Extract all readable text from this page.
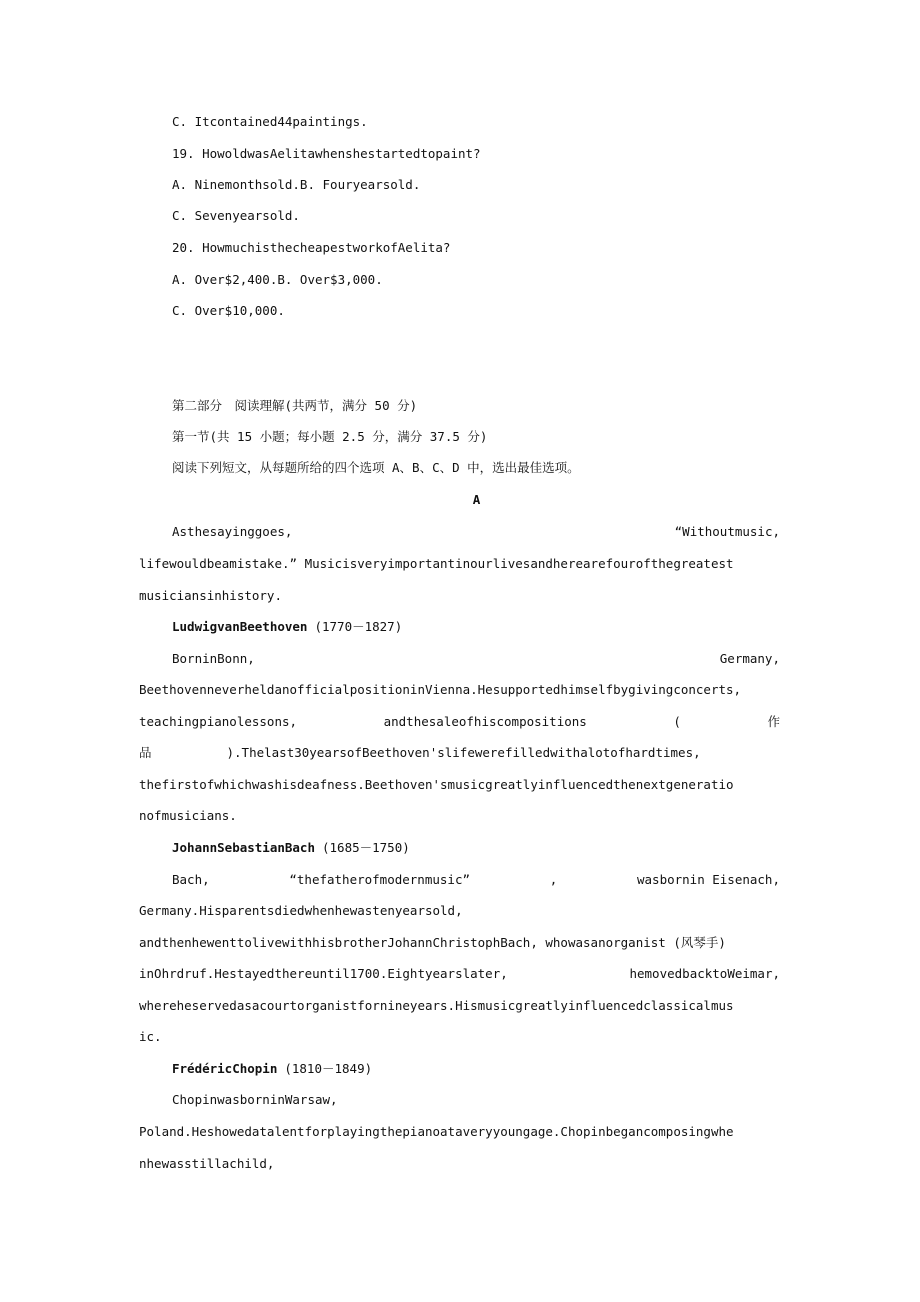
C. Itcontained44paintings.
19. HowoldwasAelitawhenshestartedtopaint?
A. Ninemonthsold.B. Fouryearsold.
C. Sevenyearsold.
20. HowmuchisthecheapestworkofAelita?
A. Over$2,400.B. Over$3,000.
C. Over$10,000.
第二部分　阅读理解(共两节，满分 50 分)
第一节(共 15 小题；每小题 2.5 分，满分 37.5 分)
阅读下列短文，从每题所给的四个选项 A、B、C、D 中，选出最佳选项。
A
Asthesayinggoes,	“Withoutmusic,
lifewouldbeamistake.” Musicisveryimportantinourlivesandherearefourofthegreatest
musiciansinhistory.
LudwigvanBeethoven (1770－1827)
BorninBonn,	Germany,
BeethovenneverheldanofficialpositioninVienna.Hesupportedhimselfbygivingconcerts,
teachingpianolessons,	andthesaleofhiscompositions	(	作
品　　　　　　).Thelast30yearsofBeethoven'slifewerefilledwithalotofhardtimes,
thefirstofwhichwashisdeafness.Beethoven'smusicgreatlyinfluencedthenextgeneratio
nofmusicians.
JohannSebastianBach (1685－1750)
Bach,	“thefatherofmodernmusic”	,	wasbornin Eisenach,
Germany.Hisparentsdiedwhenhewastenyearsold,
andthenhewenttolivewithhisbrotherJohannChristophBach, whowasanorganist (风琴手)
inOhrdruf.Hestayedthereuntil1700.Eightyearslater,	hemovedbacktoWeimar,
whereheservedasacourtorganistfornineyears.Hismusicgreatlyinfluencedclassicalmus
ic.
FrédéricChopin (1810－1849)
ChopinwasborninWarsaw,
Poland.Heshowedatalentforplayingthepianoataveryyoungage.Chopinbegancomposingwhe
nhewasstillachild,
